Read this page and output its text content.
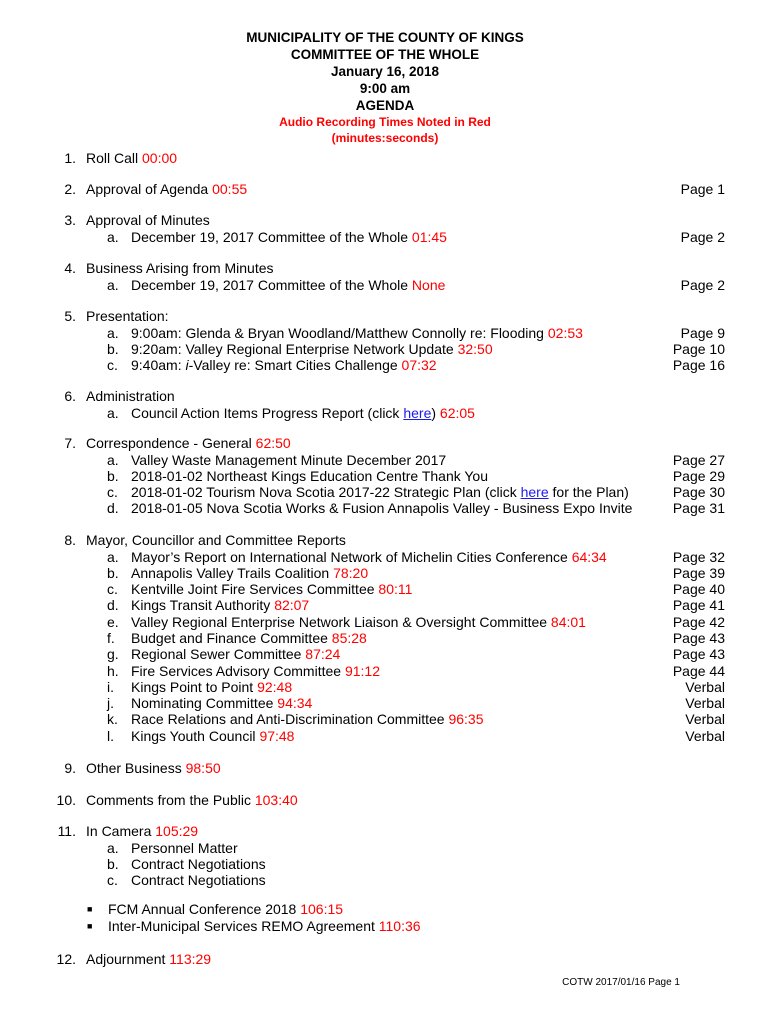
MUNICIPALITY OF THE COUNTY OF KINGS
COMMITTEE OF THE WHOLE
January 16, 2018
9:00 am
AGENDA
Audio Recording Times Noted in Red
(minutes:seconds)
1. Roll Call 00:00
2. Approval of Agenda 00:55	Page 1
3. Approval of Minutes
a. December 19, 2017 Committee of the Whole 01:45	Page 2
4. Business Arising from Minutes
a. December 19, 2017 Committee of the Whole None	Page 2
5. Presentation:
a. 9:00am: Glenda & Bryan Woodland/Matthew Connolly re: Flooding 02:53	Page 9
b. 9:20am: Valley Regional Enterprise Network Update 32:50	Page 10
c. 9:40am: i-Valley re: Smart Cities Challenge 07:32	Page 16
6. Administration
a. Council Action Items Progress Report (click here) 62:05
7. Correspondence - General 62:50
a. Valley Waste Management Minute December 2017	Page 27
b. 2018-01-02 Northeast Kings Education Centre Thank You	Page 29
c. 2018-01-02 Tourism Nova Scotia 2017-22 Strategic Plan (click here for the Plan)	Page 30
d. 2018-01-05 Nova Scotia Works & Fusion Annapolis Valley - Business Expo Invite	Page 31
8. Mayor, Councillor and Committee Reports
a. Mayor’s Report on International Network of Michelin Cities Conference 64:34	Page 32
b. Annapolis Valley Trails Coalition 78:20	Page 39
c. Kentville Joint Fire Services Committee 80:11	Page 40
d. Kings Transit Authority 82:07	Page 41
e. Valley Regional Enterprise Network Liaison & Oversight Committee 84:01	Page 42
f. Budget and Finance Committee 85:28	Page 43
g. Regional Sewer Committee 87:24	Page 43
h. Fire Services Advisory Committee 91:12	Page 44
i. Kings Point to Point 92:48	Verbal
j. Nominating Committee 94:34	Verbal
k. Race Relations and Anti-Discrimination Committee 96:35	Verbal
l. Kings Youth Council 97:48	Verbal
9. Other Business 98:50
10. Comments from the Public 103:40
11. In Camera 105:29
a. Personnel Matter
b. Contract Negotiations
c. Contract Negotiations
■ FCM Annual Conference 2018 106:15
■ Inter-Municipal Services REMO Agreement 110:36
12. Adjournment 113:29
COTW 2017/01/16 Page 1
